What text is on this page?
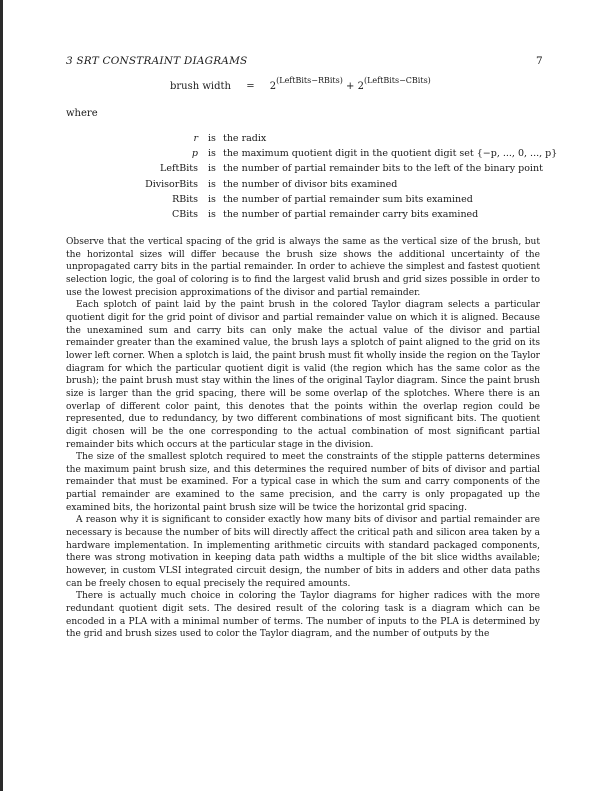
3 SRT CONSTRAINT DIAGRAMS	7
brush width = $2^{(LeftBits-RBits)} + 2^{(LeftBits-CBits)}$
where
r is the radix
p is the maximum quotient digit in the quotient digit set {−p, ..., 0, ..., p}
LeftBits is the number of partial remainder bits to the left of the binary point
DivisorBits is the number of divisor bits examined
RBits is the number of partial remainder sum bits examined
CBits is the number of partial remainder carry bits examined

Observe that the vertical spacing of the grid is always the same as the vertical size of the brush, but the horizontal sizes will differ because the brush size shows the additional uncertainty of the unpropagated carry bits in the partial remainder. In order to achieve the simplest and fastest quotient selection logic, the goal of coloring is to find the largest valid brush and grid sizes possible in order to use the lowest precision approximations of the divisor and partial remainder.

Each splotch of paint laid by the paint brush in the colored Taylor diagram selects a particular quotient digit for the grid point of divisor and partial remainder value on which it is aligned. Because the unexamined sum and carry bits can only make the actual value of the divisor and partial remainder greater than the examined value, the brush lays a splotch of paint aligned to the grid on its lower left corner. When a splotch is laid, the paint brush must fit wholly inside the region on the Taylor diagram for which the particular quotient digit is valid (the region which has the same color as the brush); the paint brush must stay within the lines of the original Taylor diagram. Since the paint brush size is larger than the grid spacing, there will be some overlap of the splotches. Where there is an overlap of different color paint, this denotes that the points within the overlap region could be represented, due to redundancy, by two different combinations of most significant bits. The quotient digit chosen will be the one corresponding to the actual combination of most significant partial remainder bits which occurs at the particular stage in the division.

The size of the smallest splotch required to meet the constraints of the stipple patterns determines the maximum paint brush size, and this determines the required number of bits of divisor and partial remainder that must be examined. For a typical case in which the sum and carry components of the partial remainder are examined to the same precision, and the carry is only propagated up the examined bits, the horizontal paint brush size will be twice the horizontal grid spacing.

A reason why it is significant to consider exactly how many bits of divisor and partial remainder are necessary is because the number of bits will directly affect the critical path and silicon area taken by a hardware implementation. In implementing arithmetic circuits with standard packaged components, there was strong motivation in keeping data path widths a multiple of the bit slice widths available; however, in custom VLSI integrated circuit design, the number of bits in adders and other data paths can be freely chosen to equal precisely the required amounts.

There is actually much choice in coloring the Taylor diagrams for higher radices with the more redundant quotient digit sets. The desired result of the coloring task is a diagram which can be encoded in a PLA with a minimal number of terms. The number of inputs to the PLA is determined by the grid and brush sizes used to color the Taylor diagram, and the number of outputs by the
